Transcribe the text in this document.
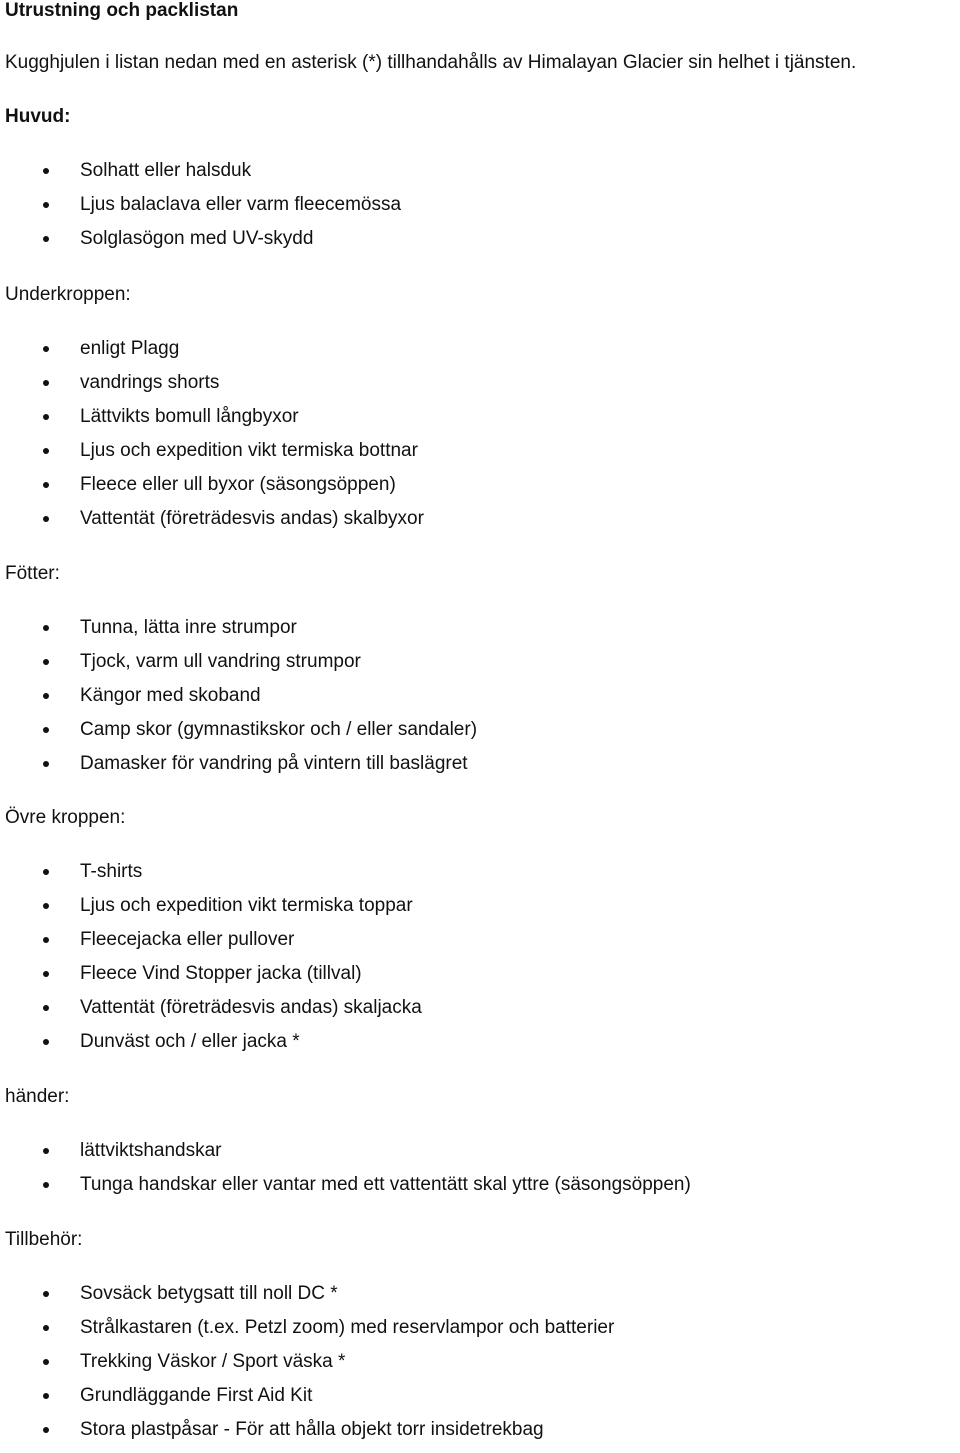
Utrustning och packlistan
Kugghjulen i listan nedan med en asterisk (*) tillhandahålls av Himalayan Glacier sin helhet i tjänsten.
Huvud:
Solhatt eller halsduk
Ljus balaclava eller varm fleecemössa
Solglasögon med UV-skydd
Underkroppen:
enligt Plagg
vandrings shorts
Lättvikts bomull långbyxor
Ljus och expedition vikt termiska bottnar
Fleece eller ull byxor (säsongsöppen)
Vattentät (företrädesvis andas) skalbyxor
Fötter:
Tunna, lätta inre strumpor
Tjock, varm ull vandring strumpor
Kängor med skoband
Camp skor (gymnastikskor och / eller sandaler)
Damasker för vandring på vintern till baslägret
Övre kroppen:
T-shirts
Ljus och expedition vikt termiska toppar
Fleecejacka eller pullover
Fleece Vind Stopper jacka (tillval)
Vattentät (företrädesvis andas) skaljacka
Dunväst och / eller jacka *
händer:
lättviktshandskar
Tunga handskar eller vantar med ett vattentätt skal yttre (säsongsöppen)
Tillbehör:
Sovsäck betygsatt till noll DC *
Strålkastaren (t.ex. Petzl zoom) med reservlampor och batterier
Trekking Väskor / Sport väska *
Grundläggande First Aid Kit
Stora plastpåsar - För att hålla objekt torr insidetrekbag
